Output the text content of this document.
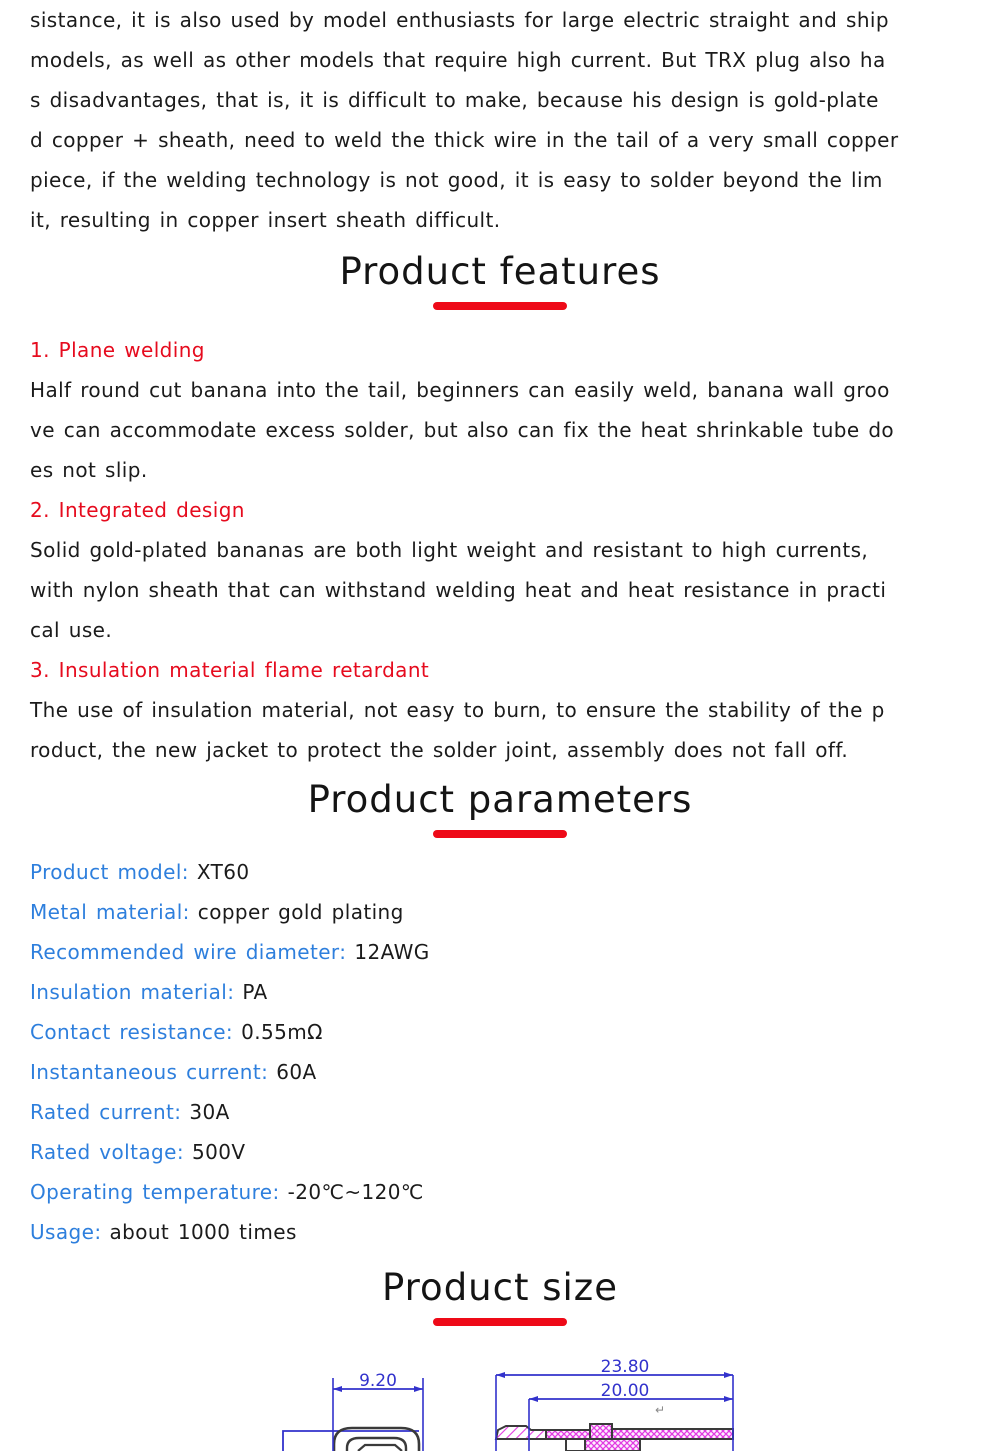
sistance, it is also used by model enthusiasts for large electric straight and ship
models, as well as other models that require high current. But TRX plug also ha
s disadvantages, that is, it is difficult to make, because his design is gold-plate
d copper + sheath, need to weld the thick wire in the tail of a very small copper
piece, if the welding technology is not good, it is easy to solder beyond the lim
it, resulting in copper insert sheath difficult.
Product features
1. Plane welding
Half round cut banana into the tail, beginners can easily weld, banana wall groo
ve can accommodate excess solder, but also can fix the heat shrinkable tube do
es not slip.
2. Integrated design
Solid gold-plated bananas are both light weight and resistant to high currents,
with nylon sheath that can withstand welding heat and heat resistance in practi
cal use.
3. Insulation material flame retardant
The use of insulation material, not easy to burn, to ensure the stability of the p
roduct, the new jacket to protect the solder joint, assembly does not fall off.
Product parameters
Product model: XT60
Metal material: copper gold plating
Recommended wire diameter: 12AWG
Insulation material: PA
Contact resistance: 0.55mΩ
Instantaneous current: 60A
Rated current: 30A
Rated voltage: 500V
Operating temperature: -20℃~120℃
Usage: about 1000 times
Product size
9.20
23.80
20.00
↵
